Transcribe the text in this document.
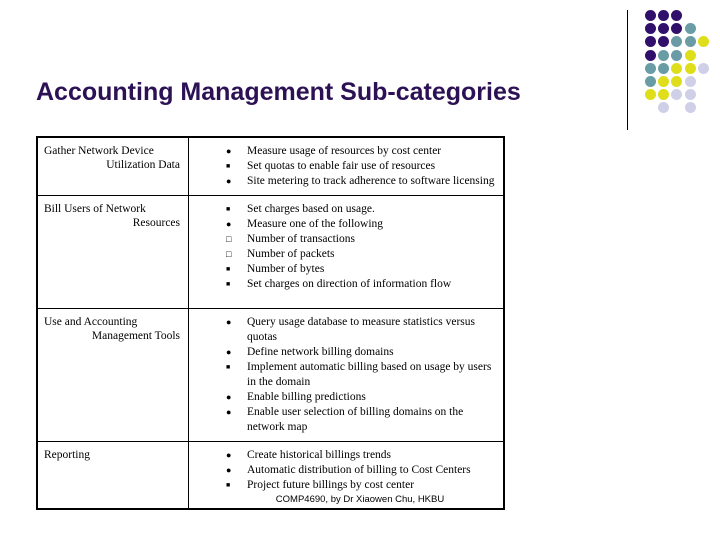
Accounting Management Sub-categories
Gather Network Device
Utilization Data

●	Measure usage of resources by cost center
■	Set quotas to enable fair use of resources
●	Site metering to track adherence to software licensing

Bill Users of Network
Resources

■	Set charges based on usage.
●	Measure one of the following
□	Number of transactions
□	Number of packets
■	Number of bytes
■	Set charges on direction of information flow

Use and Accounting
Management Tools

●	Query usage database to measure statistics versus quotas
●	Define network billing domains
■	Implement automatic billing based on usage by users in the domain
●	Enable billing predictions
●	Enable user selection of billing domains on the network map

Reporting	●	Create historical billings trends
●	Automatic distribution of billing to Cost Centers
■	Project future billings by cost center
COMP4690, by Dr Xiaowen Chu, HKBU
